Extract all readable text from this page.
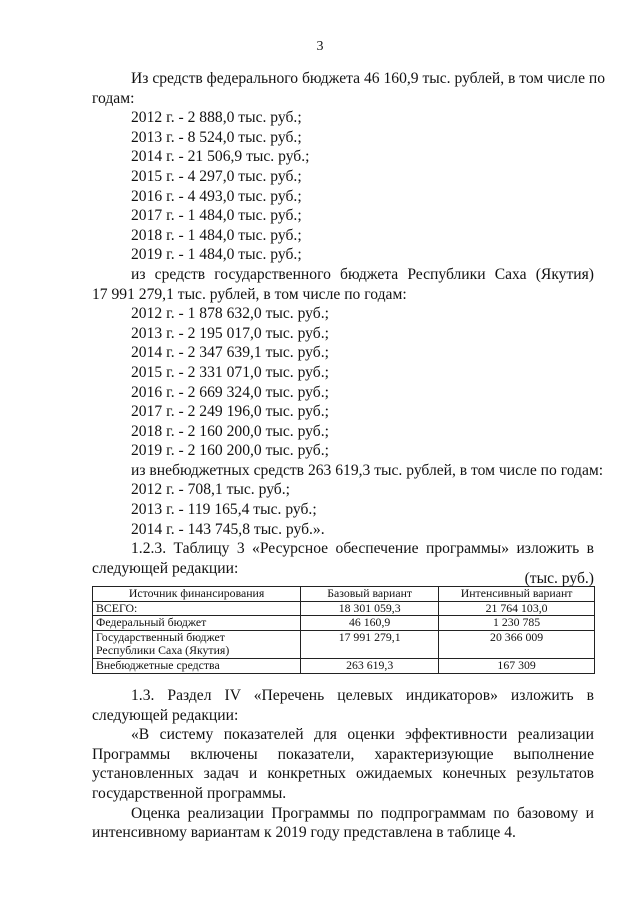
3
Из средств федерального бюджета 46 160,9 тыс. рублей, в том числе по
годам:
2012 г. - 2 888,0 тыс. руб.;
2013 г. - 8 524,0 тыс. руб.;
2014 г. - 21 506,9 тыс. руб.;
2015 г. - 4 297,0 тыс. руб.;
2016 г. - 4 493,0 тыс. руб.;
2017 г. - 1 484,0 тыс. руб.;
2018 г. - 1 484,0 тыс. руб.;
2019 г. - 1 484,0 тыс. руб.;
из средств государственного бюджета Республики Саха (Якутия)
17 991 279,1 тыс. рублей, в том числе по годам:
2012 г. - 1 878 632,0 тыс. руб.;
2013 г. - 2 195 017,0 тыс. руб.;
2014 г. - 2 347 639,1 тыс. руб.;
2015 г. - 2 331 071,0 тыс. руб.;
2016 г. - 2 669 324,0 тыс. руб.;
2017 г. - 2 249 196,0 тыс. руб.;
2018 г. - 2 160 200,0 тыс. руб.;
2019 г. - 2 160 200,0 тыс. руб.;
из внебюджетных средств 263 619,3 тыс. рублей, в том числе по годам:
2012 г. - 708,1 тыс. руб.;
2013 г. - 119 165,4 тыс. руб.;
2014 г. - 143 745,8 тыс. руб.».
1.2.3. Таблицу 3 «Ресурсное обеспечение программы» изложить в
следующей редакции:
(тыс. руб.)
Источник финансирования	Базовый вариант	Интенсивный вариант
ВСЕГО:	18 301 059,3	21 764 103,0
Федеральный бюджет	46 160,9	1 230 785
Государственный бюджет
Республики Саха (Якутия)	17 991 279,1	20 366 009
Внебюджетные средства	263 619,3	167 309
1.3. Раздел IV «Перечень целевых индикаторов» изложить в
следующей редакции:
«В систему показателей для оценки эффективности реализации
Программы включены показатели, характеризующие выполнение
установленных задач и конкретных ожидаемых конечных результатов
государственной программы.
Оценка реализации Программы по подпрограммам по базовому и
интенсивному вариантам к 2019 году представлена в таблице 4.
